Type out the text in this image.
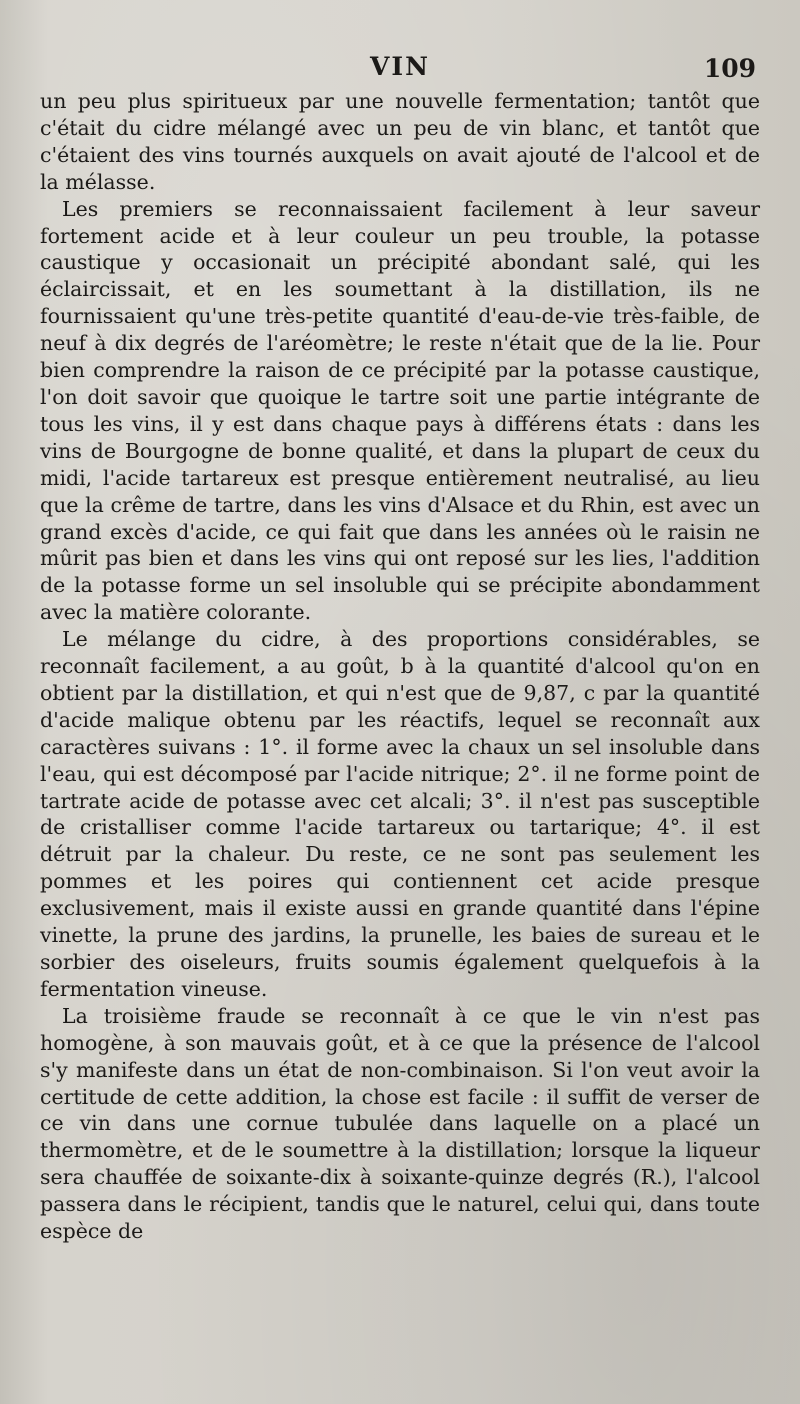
VIN	109

un peu plus spiritueux par une nouvelle fermentation; tantôt que c'était du cidre mélangé avec un peu de vin blanc, et tantôt que c'étaient des vins tournés auxquels on avait ajouté de l'alcool et de la mélasse.

Les premiers se reconnaissaient facilement à leur saveur fortement acide et à leur couleur un peu trouble, la potasse caustique y occasionait un précipité abondant salé, qui les éclaircissait, et en les soumettant à la distillation, ils ne fournissaient qu'une très-petite quantité d'eau-de-vie très-faible, de neuf à dix degrés de l'aréomètre; le reste n'était que de la lie. Pour bien comprendre la raison de ce précipité par la potasse caustique, l'on doit savoir que quoique le tartre soit une partie intégrante de tous les vins, il y est dans chaque pays à différens états : dans les vins de Bourgogne de bonne qualité, et dans la plupart de ceux du midi, l'acide tartareux est presque entièrement neutralisé, au lieu que la crême de tartre, dans les vins d'Alsace et du Rhin, est avec un grand excès d'acide, ce qui fait que dans les années où le raisin ne mûrit pas bien et dans les vins qui ont reposé sur les lies, l'addition de la potasse forme un sel insoluble qui se précipite abondamment avec la matière colorante.

Le mélange du cidre, à des proportions considérables, se reconnaît facilement, a au goût, b à la quantité d'alcool qu'on en obtient par la distillation, et qui n'est que de 9,87, c par la quantité d'acide malique obtenu par les réactifs, lequel se reconnaît aux caractères suivans : 1°. il forme avec la chaux un sel insoluble dans l'eau, qui est décomposé par l'acide nitrique; 2°. il ne forme point de tartrate acide de potasse avec cet alcali; 3°. il n'est pas susceptible de cristalliser comme l'acide tartareux ou tartarique; 4°. il est détruit par la chaleur. Du reste, ce ne sont pas seulement les pommes et les poires qui contiennent cet acide presque exclusivement, mais il existe aussi en grande quantité dans l'épine vinette, la prune des jardins, la prunelle, les baies de sureau et le sorbier des oiseleurs, fruits soumis également quelquefois à la fermentation vineuse.

La troisième fraude se reconnaît à ce que le vin n'est pas homogène, à son mauvais goût, et à ce que la présence de l'alcool s'y manifeste dans un état de non-combinaison. Si l'on veut avoir la certitude de cette addition, la chose est facile : il suffit de verser de ce vin dans une cornue tubulée dans laquelle on a placé un thermomètre, et de le soumettre à la distillation; lorsque la liqueur sera chauffée de soixante-dix à soixante-quinze degrés (R.), l'alcool passera dans le récipient, tandis que le naturel, celui qui, dans toute espèce de
